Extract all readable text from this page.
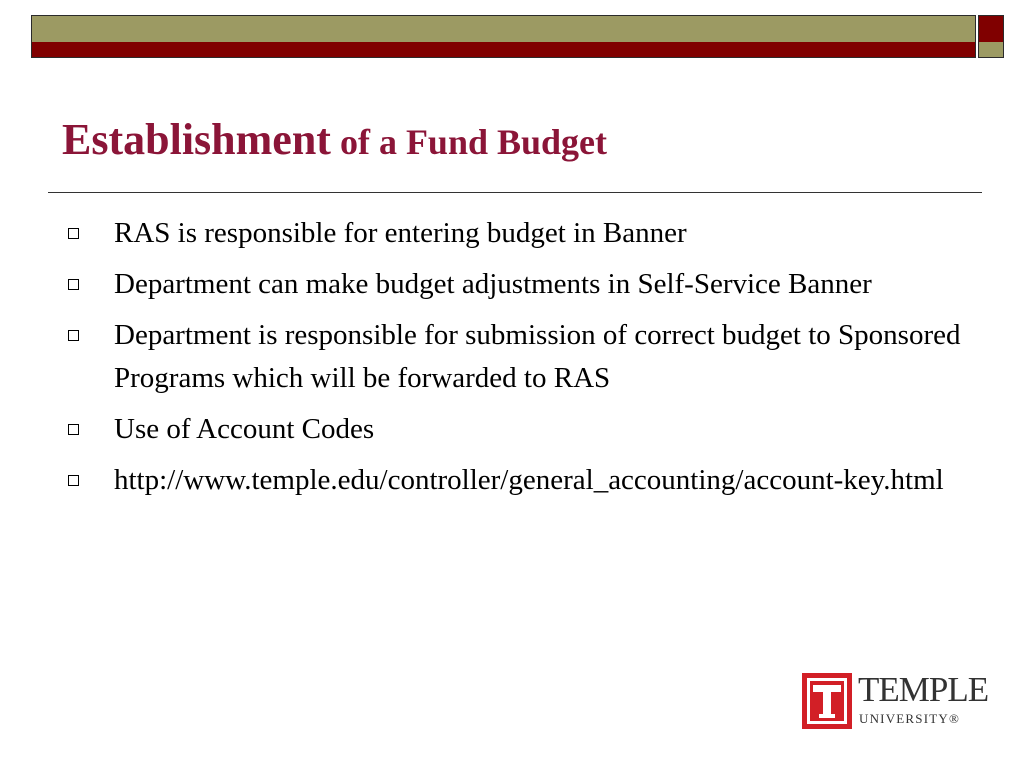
Establishment of a Fund Budget
RAS is responsible for entering budget in Banner
Department can make budget adjustments in Self-Service Banner
Department is responsible for submission of correct budget to Sponsored Programs which will be forwarded to RAS
Use of Account Codes
http://www.temple.edu/controller/general_accounting/account-key.html
TEMPLE
UNIVERSITY®
